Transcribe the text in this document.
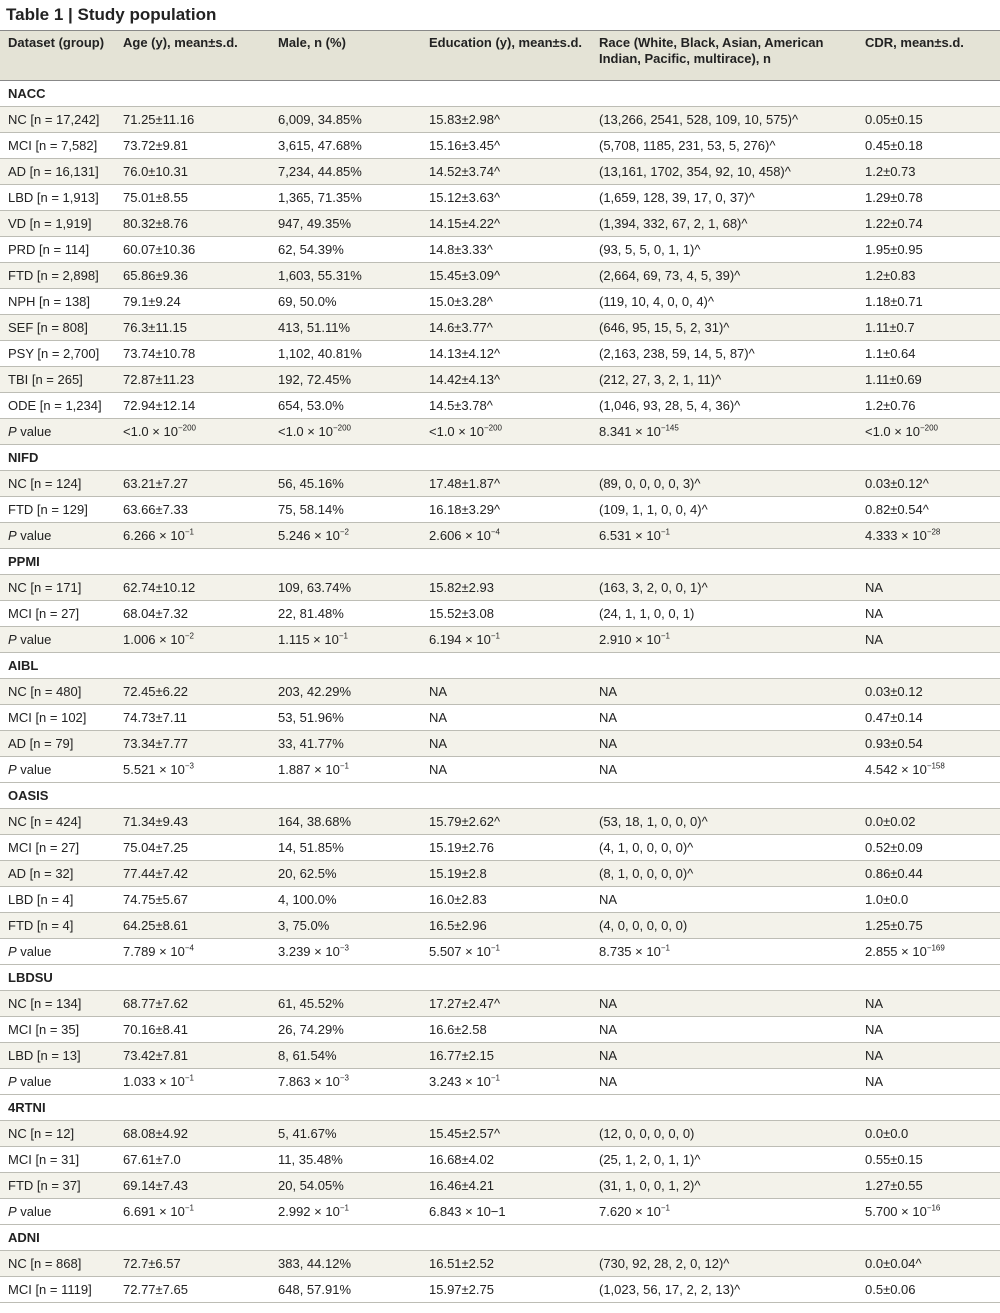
Table 1 | Study population
Dataset (group)	Age (y), mean±s.d.	Male, n (%)	Education (y), mean±s.d.	Race (White, Black, Asian, American Indian, Pacific, multirace), n	CDR, mean±s.d.
NACC					
NC [n = 17,242]	71.25±11.16	6,009, 34.85%	15.83±2.98^	(13,266, 2541, 528, 109, 10, 575)^	0.05±0.15
MCI [n = 7,582]	73.72±9.81	3,615, 47.68%	15.16±3.45^	(5,708, 1185, 231, 53, 5, 276)^	0.45±0.18
AD [n = 16,131]	76.0±10.31	7,234, 44.85%	14.52±3.74^	(13,161, 1702, 354, 92, 10, 458)^	1.2±0.73
LBD [n = 1,913]	75.01±8.55	1,365, 71.35%	15.12±3.63^	(1,659, 128, 39, 17, 0, 37)^	1.29±0.78
VD [n = 1,919]	80.32±8.76	947, 49.35%	14.15±4.22^	(1,394, 332, 67, 2, 1, 68)^	1.22±0.74
PRD [n = 114]	60.07±10.36	62, 54.39%	14.8±3.33^	(93, 5, 5, 0, 1, 1)^	1.95±0.95
FTD [n = 2,898]	65.86±9.36	1,603, 55.31%	15.45±3.09^	(2,664, 69, 73, 4, 5, 39)^	1.2±0.83
NPH [n = 138]	79.1±9.24	69, 50.0%	15.0±3.28^	(119, 10, 4, 0, 0, 4)^	1.18±0.71
SEF [n = 808]	76.3±11.15	413, 51.11%	14.6±3.77^	(646, 95, 15, 5, 2, 31)^	1.11±0.7
PSY [n = 2,700]	73.74±10.78	1,102, 40.81%	14.13±4.12^	(2,163, 238, 59, 14, 5, 87)^	1.1±0.64
TBI [n = 265]	72.87±11.23	192, 72.45%	14.42±4.13^	(212, 27, 3, 2, 1, 11)^	1.11±0.69
ODE [n = 1,234]	72.94±12.14	654, 53.0%	14.5±3.78^	(1,046, 93, 28, 5, 4, 36)^	1.2±0.76
P value	$<1.0 \times 10^{-200}$	$<1.0 \times 10^{-200}$	$<1.0 \times 10^{-200}$	$8.341 \times 10^{-145}$	$<1.0 \times 10^{-200}$
NIFD					
NC [n = 124]	63.21±7.27	56, 45.16%	17.48±1.87^	(89, 0, 0, 0, 0, 3)^	0.03±0.12^
FTD [n = 129]	63.66±7.33	75, 58.14%	16.18±3.29^	(109, 1, 1, 0, 0, 4)^	0.82±0.54^
P value	$6.266 \times 10^{-1}$	$5.246 \times 10^{-2}$	$2.606 \times 10^{-4}$	$6.531 \times 10^{-1}$	$4.333 \times 10^{-28}$
PPMI					
NC [n = 171]	62.74±10.12	109, 63.74%	15.82±2.93	(163, 3, 2, 0, 0, 1)^	NA
MCI [n = 27]	68.04±7.32	22, 81.48%	15.52±3.08	(24, 1, 1, 0, 0, 1)	NA
P value	$1.006 \times 10^{-2}$	$1.115 \times 10^{-1}$	$6.194 \times 10^{-1}$	$2.910 \times 10^{-1}$	NA
AIBL					
NC [n = 480]	72.45±6.22	203, 42.29%	NA	NA	0.03±0.12
MCI [n = 102]	74.73±7.11	53, 51.96%	NA	NA	0.47±0.14
AD [n = 79]	73.34±7.77	33, 41.77%	NA	NA	0.93±0.54
P value	$5.521 \times 10^{-3}$	$1.887 \times 10^{-1}$	NA	NA	$4.542 \times 10^{-158}$
OASIS					
NC [n = 424]	71.34±9.43	164, 38.68%	15.79±2.62^	(53, 18, 1, 0, 0, 0)^	0.0±0.02
MCI [n = 27]	75.04±7.25	14, 51.85%	15.19±2.76	(4, 1, 0, 0, 0, 0)^	0.52±0.09
AD [n = 32]	77.44±7.42	20, 62.5%	15.19±2.8	(8, 1, 0, 0, 0, 0)^	0.86±0.44
LBD [n = 4]	74.75±5.67	4, 100.0%	16.0±2.83	NA	1.0±0.0
FTD [n = 4]	64.25±8.61	3, 75.0%	16.5±2.96	(4, 0, 0, 0, 0, 0)	1.25±0.75
P value	$7.789 \times 10^{-4}$	$3.239 \times 10^{-3}$	$5.507 \times 10^{-1}$	$8.735 \times 10^{-1}$	$2.855 \times 10^{-169}$
LBDSU					
NC [n = 134]	68.77±7.62	61, 45.52%	17.27±2.47^	NA	NA
MCI [n = 35]	70.16±8.41	26, 74.29%	16.6±2.58	NA	NA
LBD [n = 13]	73.42±7.81	8, 61.54%	16.77±2.15	NA	NA
P value	$1.033 \times 10^{-1}$	$7.863 \times 10^{-3}$	$3.243 \times 10^{-1}$	NA	NA
4RTNI					
NC [n = 12]	68.08±4.92	5, 41.67%	15.45±2.57^	(12, 0, 0, 0, 0, 0)	0.0±0.0
MCI [n = 31]	67.61±7.0	11, 35.48%	16.68±4.02	(25, 1, 2, 0, 1, 1)^	0.55±0.15
FTD [n = 37]	69.14±7.43	20, 54.05%	16.46±4.21	(31, 1, 0, 0, 1, 2)^	1.27±0.55
P value	$6.691 \times 10^{-1}$	$2.992 \times 10^{-1}$	6.843 × 10−1	$7.620 \times 10^{-1}$	$5.700 \times 10^{-16}$
ADNI					
NC [n = 868]	72.7±6.57	383, 44.12%	16.51±2.52	(730, 92, 28, 2, 0, 12)^	0.0±0.04^
MCI [n = 1119]	72.77±7.65	648, 57.91%	15.97±2.75	(1,023, 56, 17, 2, 2, 13)^	0.5±0.06
